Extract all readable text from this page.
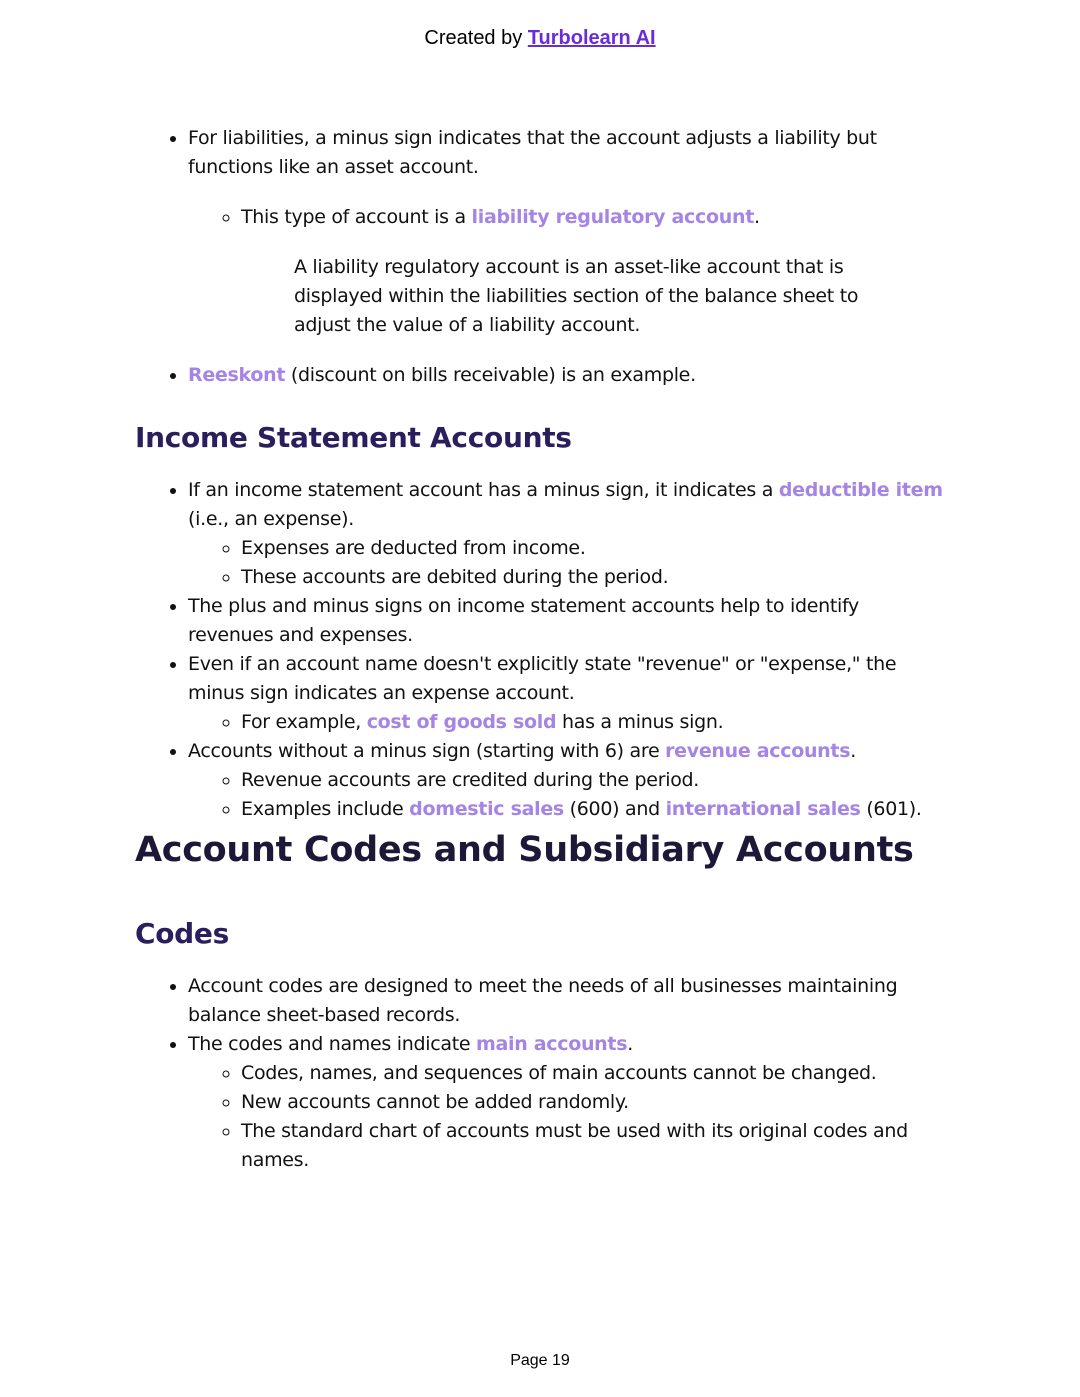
Created by Turbolearn AI
• For liabilities, a minus sign indicates that the account adjusts a liability but functions like an asset account.
◦ This type of account is a liability regulatory account.
A liability regulatory account is an asset-like account that is displayed within the liabilities section of the balance sheet to adjust the value of a liability account.
• Reeskont (discount on bills receivable) is an example.
Income Statement Accounts
• If an income statement account has a minus sign, it indicates a deductible item (i.e., an expense).
◦ Expenses are deducted from income.
◦ These accounts are debited during the period.
• The plus and minus signs on income statement accounts help to identify revenues and expenses.
• Even if an account name doesn't explicitly state "revenue" or "expense," the minus sign indicates an expense account.
◦ For example, cost of goods sold has a minus sign.
• Accounts without a minus sign (starting with 6) are revenue accounts.
◦ Revenue accounts are credited during the period.
◦ Examples include domestic sales (600) and international sales (601).
Account Codes and Subsidiary Accounts
Codes
• Account codes are designed to meet the needs of all businesses maintaining balance sheet-based records.
• The codes and names indicate main accounts.
◦ Codes, names, and sequences of main accounts cannot be changed.
◦ New accounts cannot be added randomly.
◦ The standard chart of accounts must be used with its original codes and names.
Page 19
